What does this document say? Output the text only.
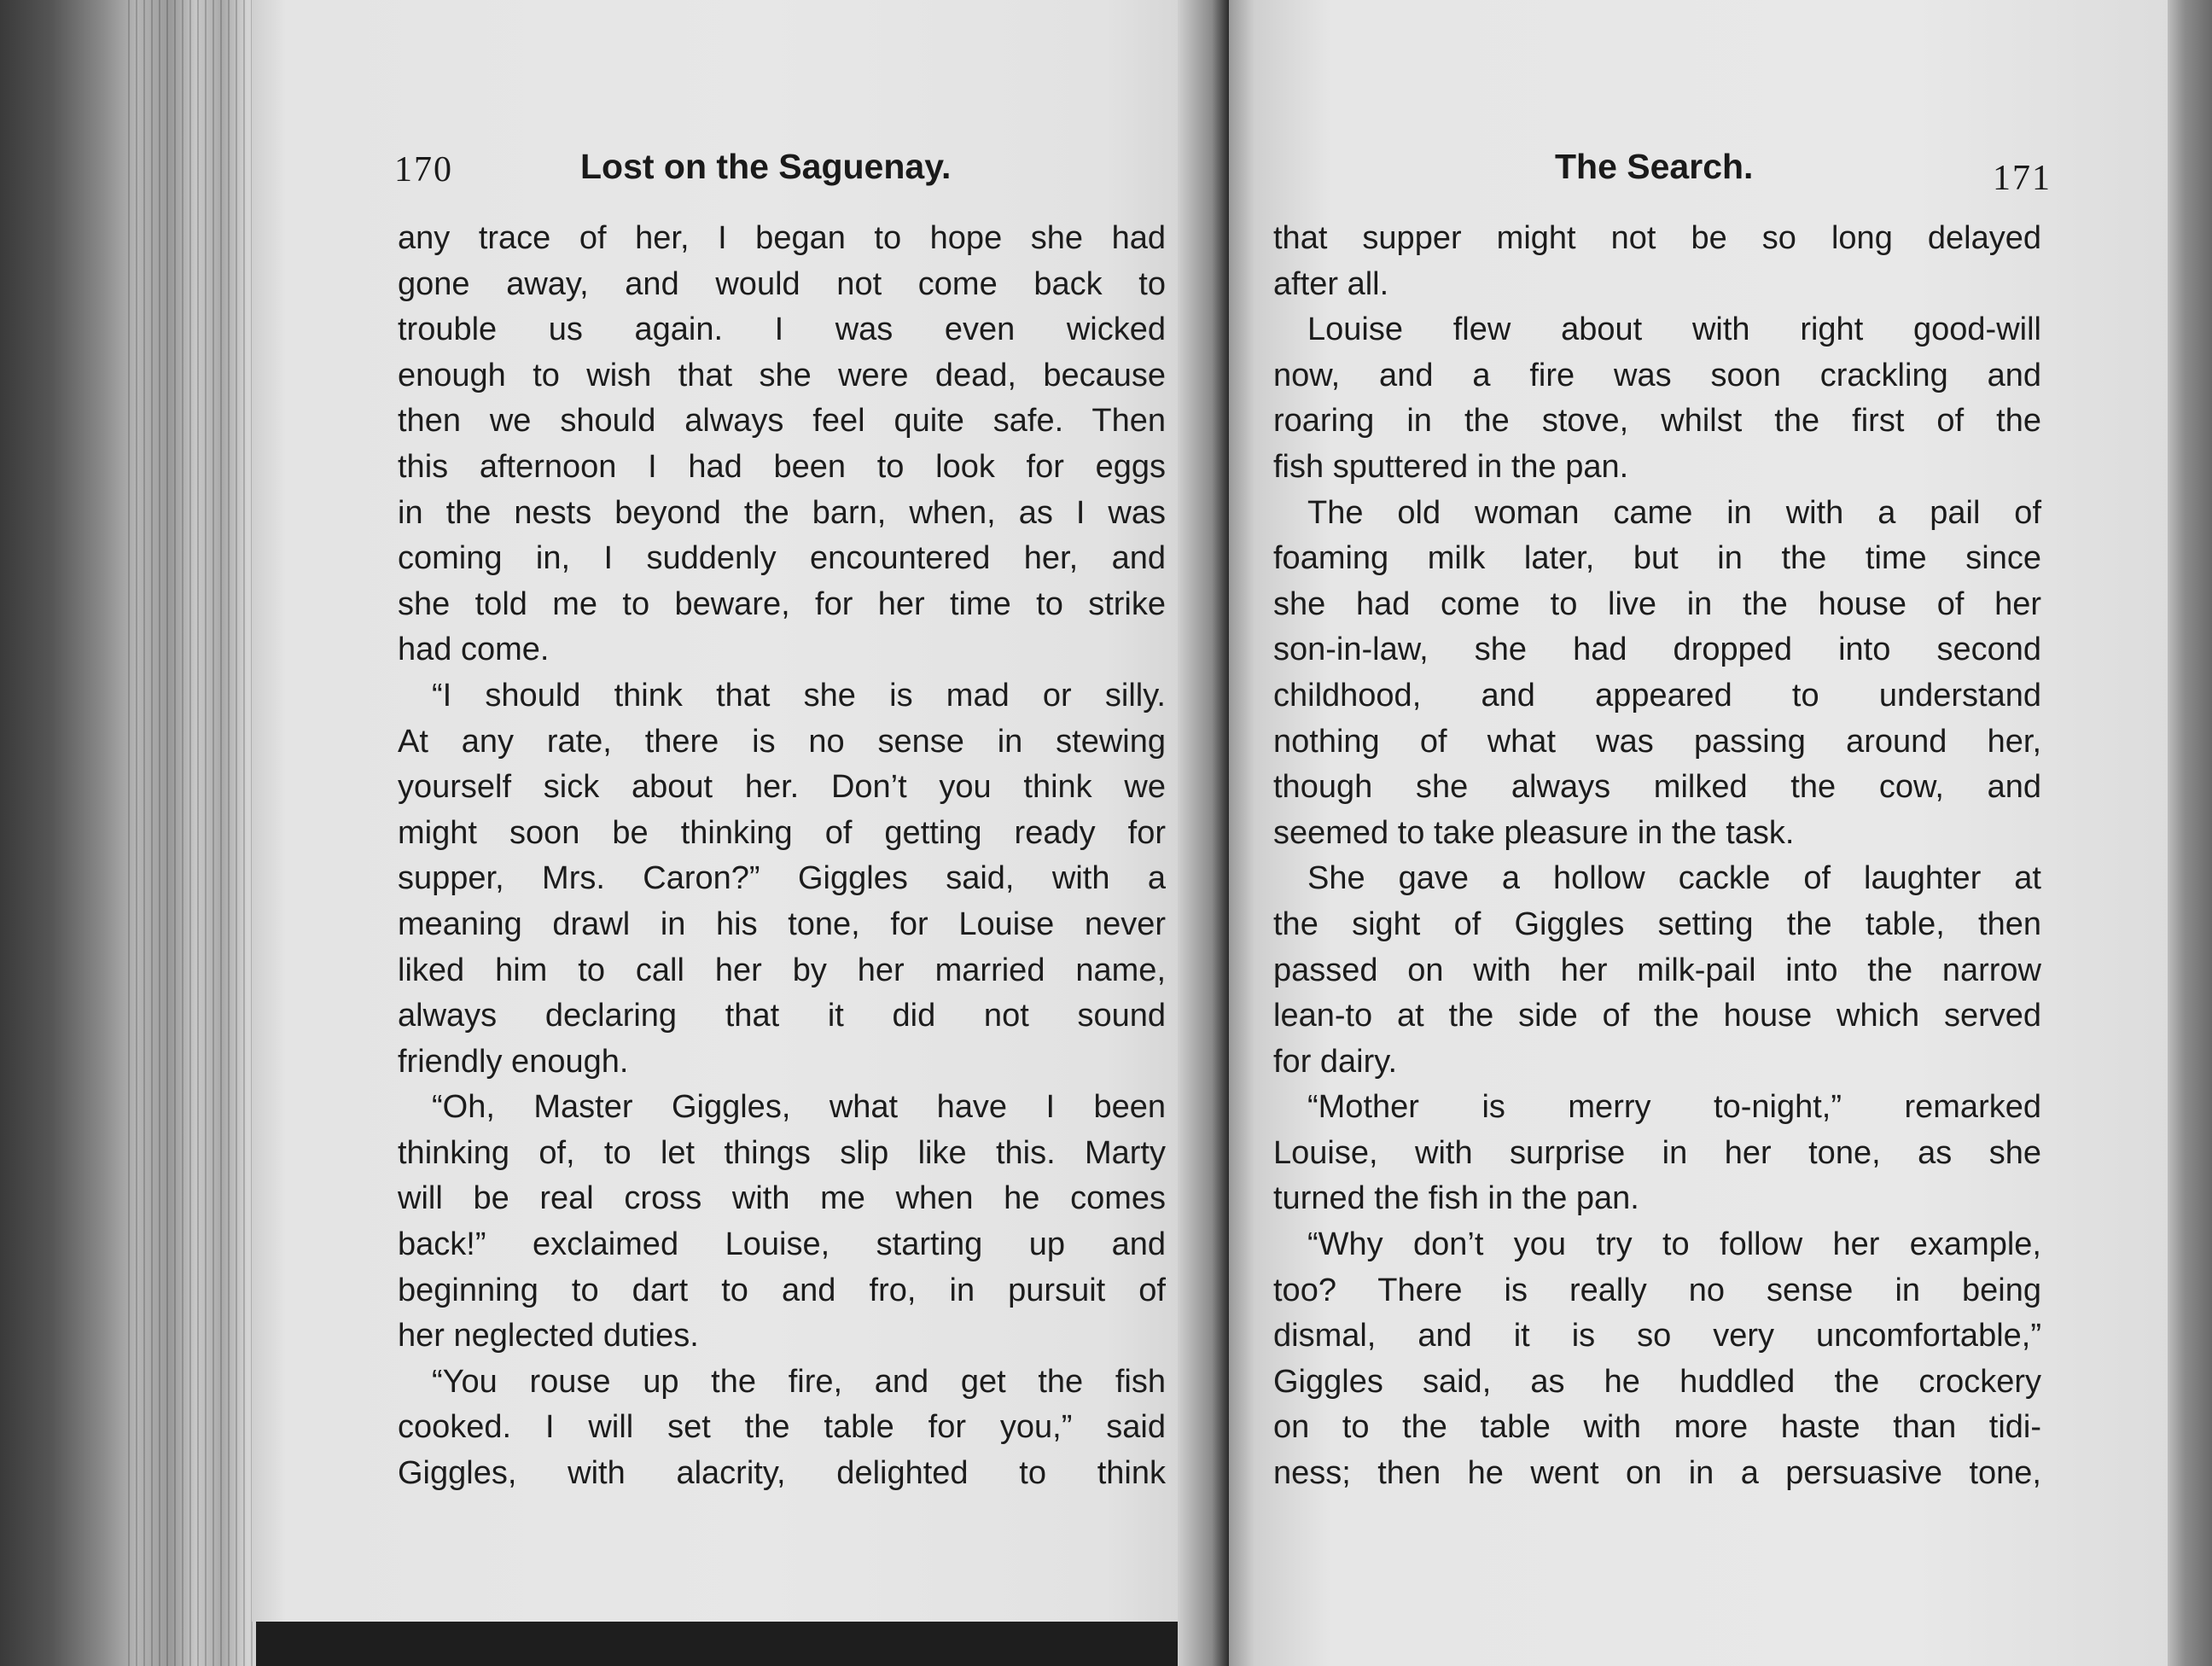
170	Lost on the Saguenay.	The Search.	171
any trace of her, I began to hope she had
gone away, and would not come back to
trouble us again. I was even wicked
enough to wish that she were dead, because
then we should always feel quite safe. Then
this afternoon I had been to look for eggs
in the nests beyond the barn, when, as I was
coming in, I suddenly encountered her, and
she told me to beware, for her time to strike
had come.
“I should think that she is mad or silly.
At any rate, there is no sense in stewing
yourself sick about her. Don’t you think we
might soon be thinking of getting ready for
supper, Mrs. Caron?” Giggles said, with a
meaning drawl in his tone, for Louise never
liked him to call her by her married name,
always declaring that it did not sound
friendly enough.
“Oh, Master Giggles, what have I been
thinking of, to let things slip like this. Marty
will be real cross with me when he comes
back!” exclaimed Louise, starting up and
beginning to dart to and fro, in pursuit of
her neglected duties.
“You rouse up the fire, and get the fish
cooked. I will set the table for you,” said
Giggles, with alacrity, delighted to think
that supper might not be so long delayed
after all.
Louise flew about with right good-will
now, and a fire was soon crackling and
roaring in the stove, whilst the first of the
fish sputtered in the pan.
The old woman came in with a pail of
foaming milk later, but in the time since
she had come to live in the house of her
son-in-law, she had dropped into second
childhood, and appeared to understand
nothing of what was passing around her,
though she always milked the cow, and
seemed to take pleasure in the task.
She gave a hollow cackle of laughter at
the sight of Giggles setting the table, then
passed on with her milk-pail into the narrow
lean-to at the side of the house which served
for dairy.
“Mother is merry to-night,” remarked
Louise, with surprise in her tone, as she
turned the fish in the pan.
“Why don’t you try to follow her example,
too? There is really no sense in being
dismal, and it is so very uncomfortable,”
Giggles said, as he huddled the crockery
on to the table with more haste than tidi-
ness; then he went on in a persuasive tone,
